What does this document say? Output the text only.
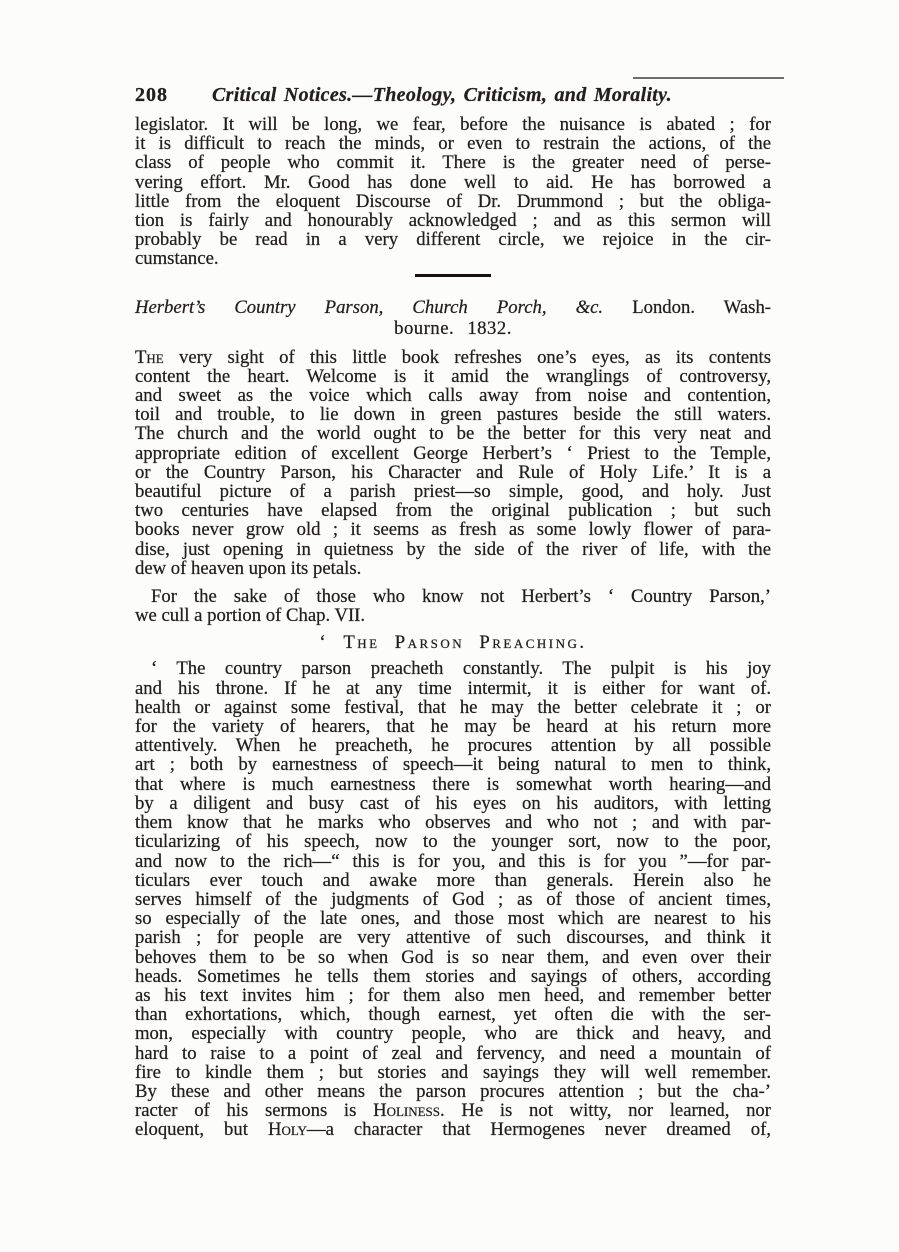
208 Critical Notices.—Theology, Criticism, and Morality.
legislator. It will be long, we fear, before the nuisance is abated ; for
it is difficult to reach the minds, or even to restrain the actions, of the
class of people who commit it. There is the greater need of perse-
vering effort. Mr. Good has done well to aid. He has borrowed a
little from the eloquent Discourse of Dr. Drummond ; but the obliga-
tion is fairly and honourably acknowledged ; and as this sermon will
probably be read in a very different circle, we rejoice in the cir-
cumstance.
Herbert’s Country Parson, Church Porch, &c. London. Wash-
bourne. 1832.
The very sight of this little book refreshes one’s eyes, as its contents
content the heart. Welcome is it amid the wranglings of controversy,
and sweet as the voice which calls away from noise and contention,
toil and trouble, to lie down in green pastures beside the still waters.
The church and the world ought to be the better for this very neat and
appropriate edition of excellent George Herbert’s ‘ Priest to the Temple,
or the Country Parson, his Character and Rule of Holy Life.’ It is a
beautiful picture of a parish priest—so simple, good, and holy. Just
two centuries have elapsed from the original publication ; but such
books never grow old ; it seems as fresh as some lowly flower of para-
dise, just opening in quietness by the side of the river of life, with the
dew of heaven upon its petals.
For the sake of those who know not Herbert’s ‘ Country Parson,’
we cull a portion of Chap. VII.
‘ The Parson Preaching.
‘ The country parson preacheth constantly. The pulpit is his joy
and his throne. If he at any time intermit, it is either for want of.
health or against some festival, that he may the better celebrate it ; or
for the variety of hearers, that he may be heard at his return more
attentively. When he preacheth, he procures attention by all possible
art ; both by earnestness of speech—it being natural to men to think,
that where is much earnestness there is somewhat worth hearing—and
by a diligent and busy cast of his eyes on his auditors, with letting
them know that he marks who observes and who not ; and with par-
ticularizing of his speech, now to the younger sort, now to the poor,
and now to the rich—“ this is for you, and this is for you ”—for par-
ticulars ever touch and awake more than generals. Herein also he
serves himself of the judgments of God ; as of those of ancient times,
so especially of the late ones, and those most which are nearest to his
parish ; for people are very attentive of such discourses, and think it
behoves them to be so when God is so near them, and even over their
heads. Sometimes he tells them stories and sayings of others, according
as his text invites him ; for them also men heed, and remember better
than exhortations, which, though earnest, yet often die with the ser-
mon, especially with country people, who are thick and heavy, and
hard to raise to a point of zeal and fervency, and need a mountain of
fire to kindle them ; but stories and sayings they will well remember.
By these and other means the parson procures attention ; but the cha-’
racter of his sermons is Holiness. He is not witty, nor learned, nor
eloquent, but Holy—a character that Hermogenes never dreamed of,
